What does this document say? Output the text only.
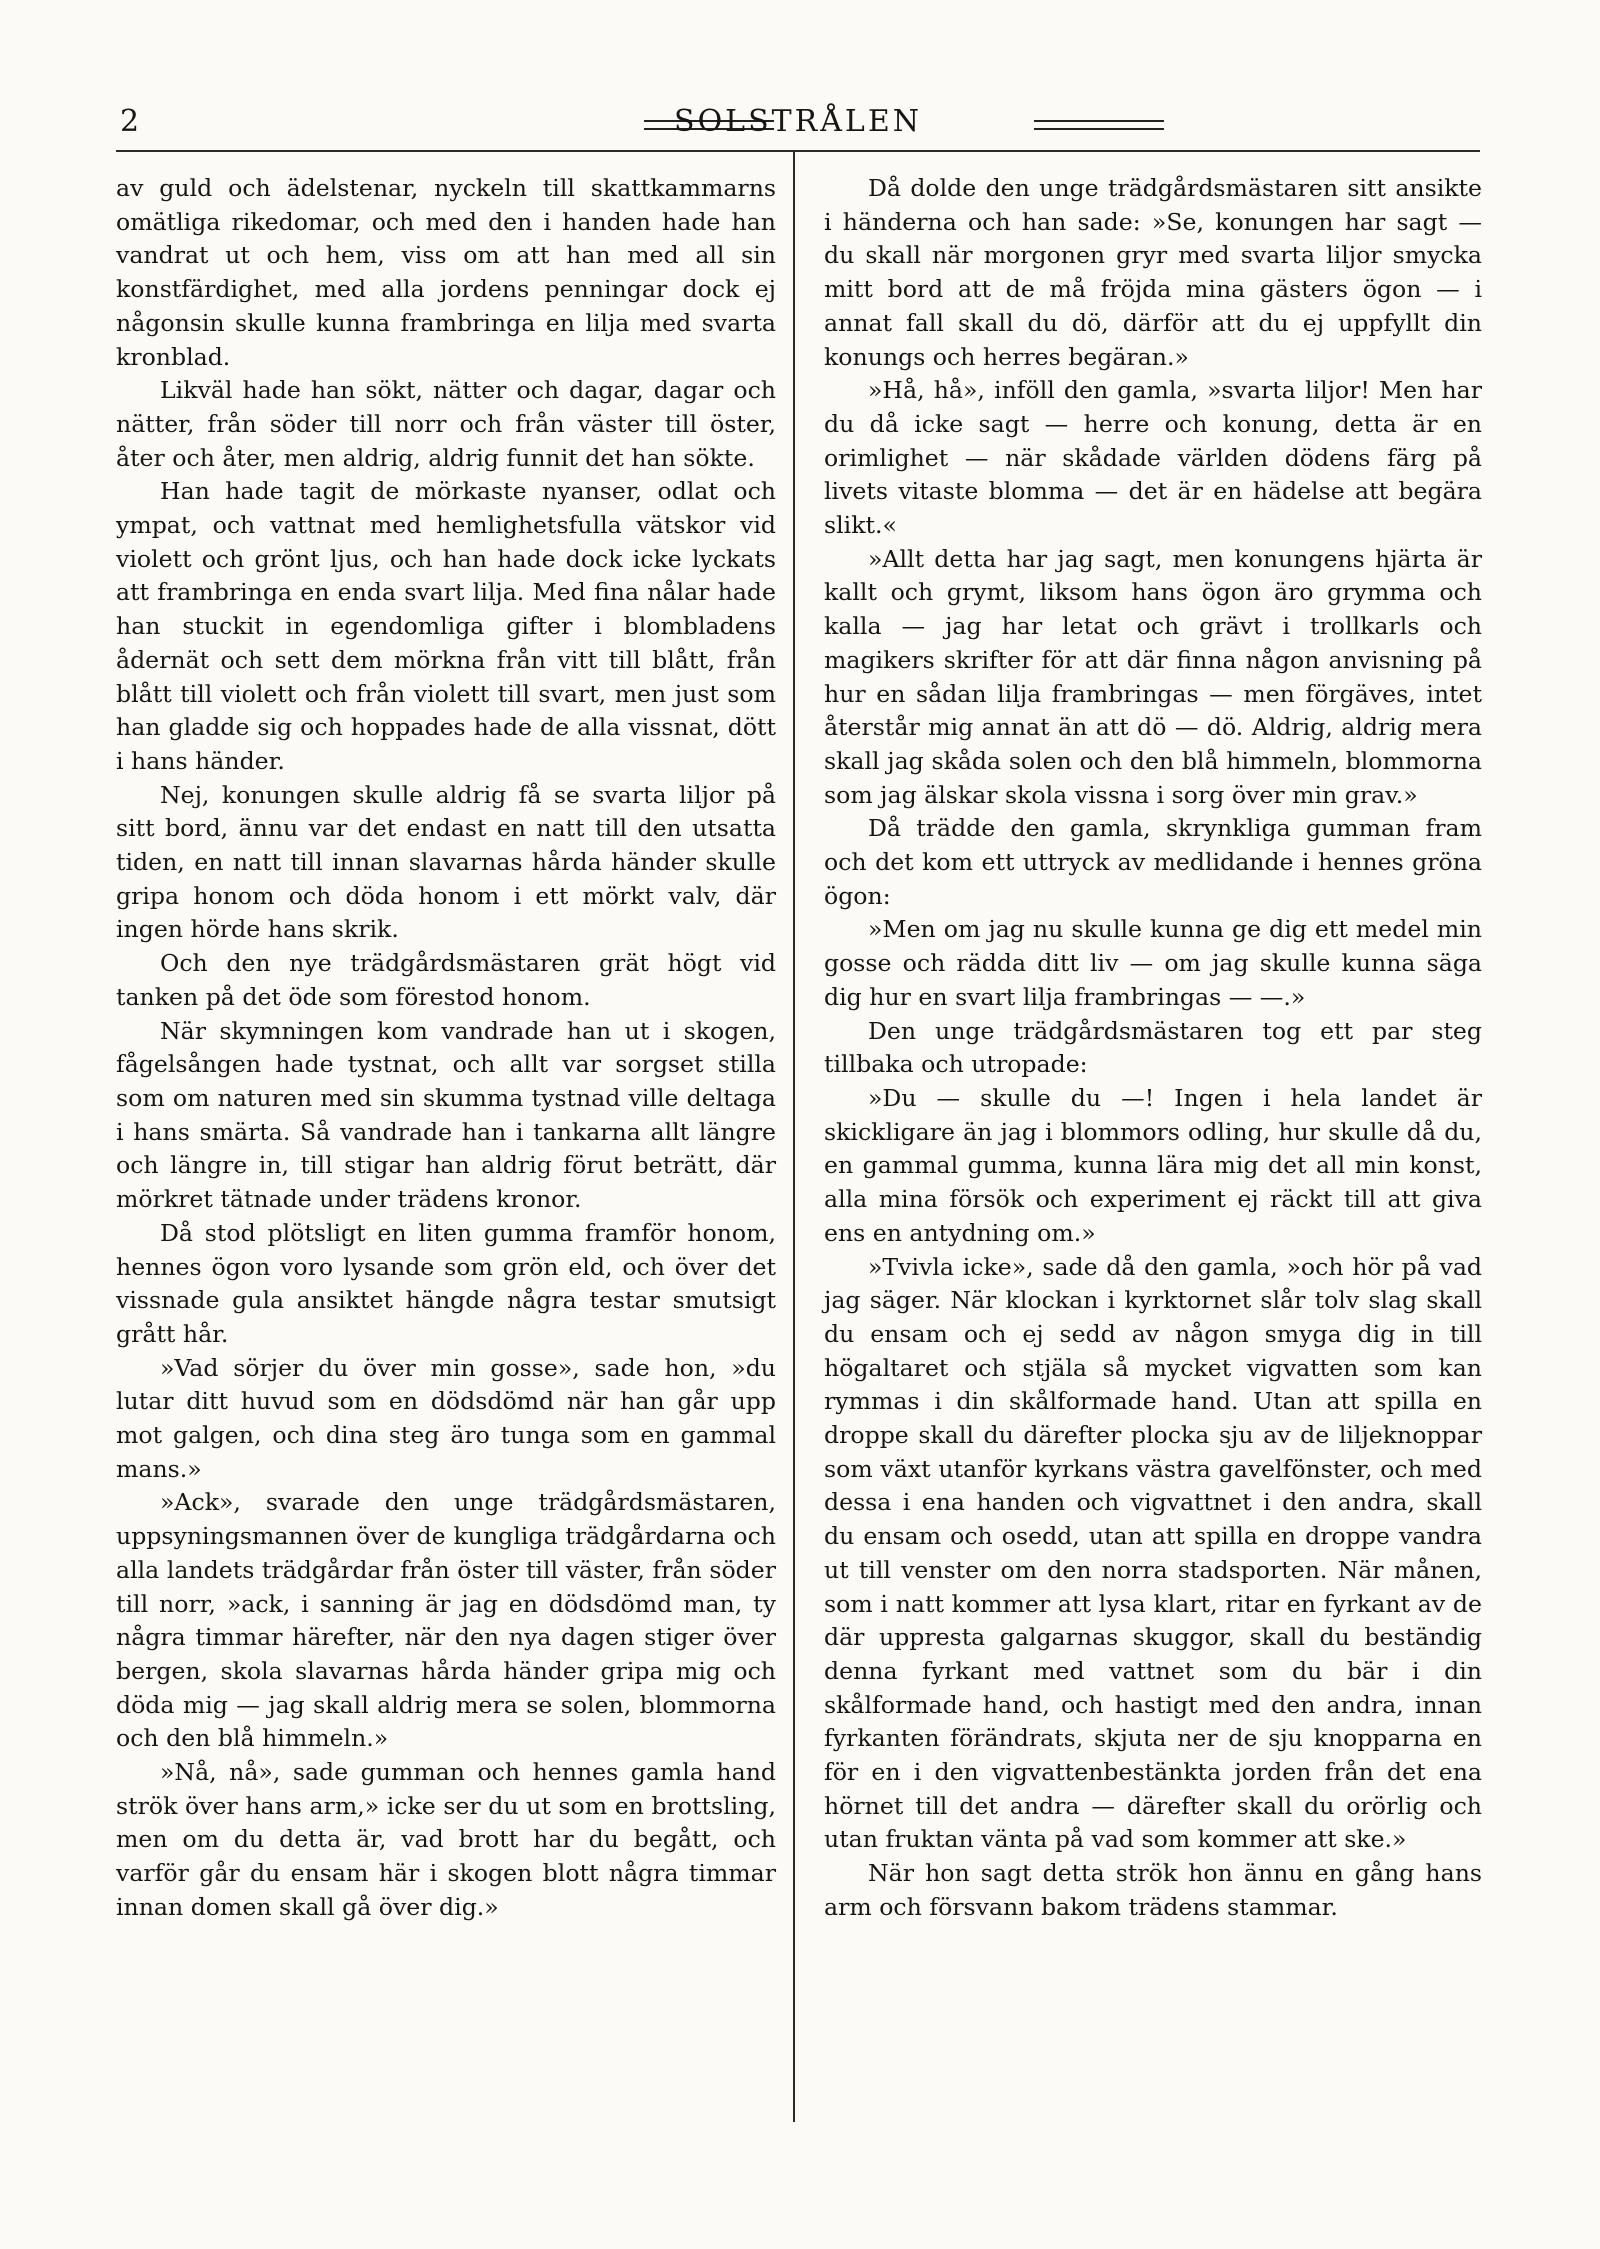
2	SOLSTRÅLEN

av guld och ädelstenar, nyckeln till skattkammarns omätliga rikedomar, och med den i handen hade han vandrat ut och hem, viss om att han med all sin konstfärdighet, med alla jordens penningar dock ej någonsin skulle kunna frambringa en lilja med svarta kronblad.

Likväl hade han sökt, nätter och dagar, dagar och nätter, från söder till norr och från väster till öster, åter och åter, men aldrig, aldrig funnit det han sökte.

Han hade tagit de mörkaste nyanser, odlat och ympat, och vattnat med hemlighetsfulla vätskor vid violett och grönt ljus, och han hade dock icke lyckats att frambringa en enda svart lilja. Med fina nålar hade han stuckit in egendomliga gifter i blombladens ådernät och sett dem mörkna från vitt till blått, från blått till violett och från violett till svart, men just som han gladde sig och hoppades hade de alla vissnat, dött i hans händer.

Nej, konungen skulle aldrig få se svarta liljor på sitt bord, ännu var det endast en natt till den utsatta tiden, en natt till innan slavarnas hårda händer skulle gripa honom och döda honom i ett mörkt valv, där ingen hörde hans skrik.

Och den nye trädgårdsmästaren grät högt vid tanken på det öde som förestod honom.

När skymningen kom vandrade han ut i skogen, fågelsången hade tystnat, och allt var sorgset stilla som om naturen med sin skumma tystnad ville deltaga i hans smärta. Så vandrade han i tankarna allt längre och längre in, till stigar han aldrig förut beträtt, där mörkret tätnade under trädens kronor.

Då stod plötsligt en liten gumma framför honom, hennes ögon voro lysande som grön eld, och över det vissnade gula ansiktet hängde några testar smutsigt grått hår.

»Vad sörjer du över min gosse», sade hon, »du lutar ditt huvud som en dödsdömd när han går upp mot galgen, och dina steg äro tunga som en gammal mans.»

»Ack», svarade den unge trädgårdsmästaren, uppsyningsmannen över de kungliga trädgårdarna och alla landets trädgårdar från öster till väster, från söder till norr, »ack, i sanning är jag en dödsdömd man, ty några timmar härefter, när den nya dagen stiger över bergen, skola slavarnas hårda händer gripa mig och döda mig — jag skall aldrig mera se solen, blommorna och den blå himmeln.»

»Nå, nå», sade gumman och hennes gamla hand strök över hans arm,» icke ser du ut som en brottsling, men om du detta är, vad brott har du begått, och varför går du ensam här i skogen blott några timmar innan domen skall gå över dig.»

Då dolde den unge trädgårdsmästaren sitt ansikte i händerna och han sade: »Se, konungen har sagt — du skall när morgonen gryr med svarta liljor smycka mitt bord att de må fröjda mina gästers ögon — i annat fall skall du dö, därför att du ej uppfyllt din konungs och herres begäran.»

»Hå, hå», inföll den gamla, »svarta liljor! Men har du då icke sagt — herre och konung, detta är en orimlighet — när skådade världen dödens färg på livets vitaste blomma — det är en hädelse att begära slikt.«

»Allt detta har jag sagt, men konungens hjärta är kallt och grymt, liksom hans ögon äro grymma och kalla — jag har letat och grävt i trollkarls och magikers skrifter för att där finna någon anvisning på hur en sådan lilja frambringas — men förgäves, intet återstår mig annat än att dö — dö. Aldrig, aldrig mera skall jag skåda solen och den blå himmeln, blommorna som jag älskar skola vissna i sorg över min grav.»

Då trädde den gamla, skrynkliga gumman fram och det kom ett uttryck av medlidande i hennes gröna ögon:

»Men om jag nu skulle kunna ge dig ett medel min gosse och rädda ditt liv — om jag skulle kunna säga dig hur en svart lilja frambringas — —.»

Den unge trädgårdsmästaren tog ett par steg tillbaka och utropade:

»Du — skulle du —! Ingen i hela landet är skickligare än jag i blommors odling, hur skulle då du, en gammal gumma, kunna lära mig det all min konst, alla mina försök och experiment ej räckt till att giva ens en antydning om.»

»Tvivla icke», sade då den gamla, »och hör på vad jag säger. När klockan i kyrktornet slår tolv slag skall du ensam och ej sedd av någon smyga dig in till högaltaret och stjäla så mycket vigvatten som kan rymmas i din skålformade hand. Utan att spilla en droppe skall du därefter plocka sju av de liljeknoppar som växt utanför kyrkans västra gavelfönster, och med dessa i ena handen och vigvattnet i den andra, skall du ensam och osedd, utan att spilla en droppe vandra ut till venster om den norra stadsporten. När månen, som i natt kommer att lysa klart, ritar en fyrkant av de där uppresta galgarnas skuggor, skall du beständig denna fyrkant med vattnet som du bär i din skålformade hand, och hastigt med den andra, innan fyrkanten förändrats, skjuta ner de sju knopparna en för en i den vigvattenbestänkta jorden från det ena hörnet till det andra — därefter skall du orörlig och utan fruktan vänta på vad som kommer att ske.»

När hon sagt detta strök hon ännu en gång hans arm och försvann bakom trädens stammar.
